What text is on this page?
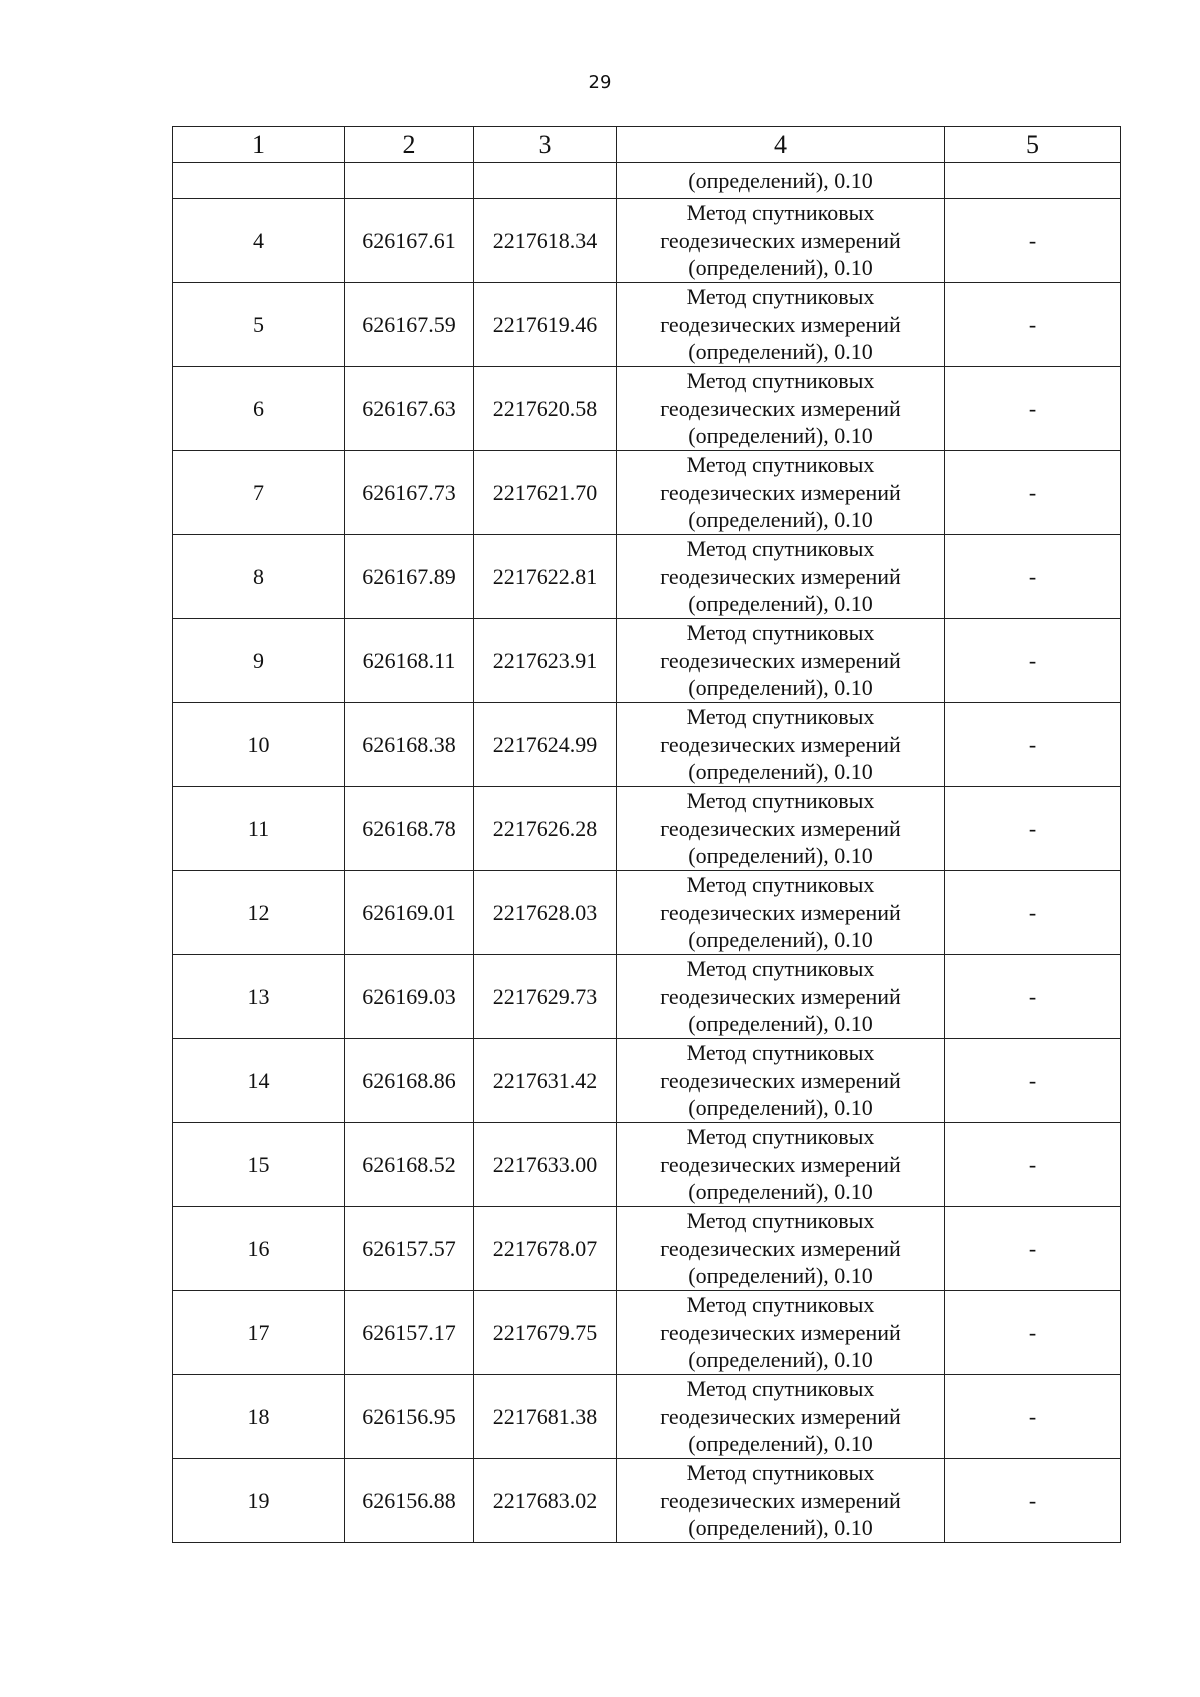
29
1	2	3	4	5
			(определений), 0.10	
4	626167.61	2217618.34	Метод спутниковых
геодезических измерений
(определений), 0.10	-
5	626167.59	2217619.46	Метод спутниковых
геодезических измерений
(определений), 0.10	-
6	626167.63	2217620.58	Метод спутниковых
геодезических измерений
(определений), 0.10	-
7	626167.73	2217621.70	Метод спутниковых
геодезических измерений
(определений), 0.10	-
8	626167.89	2217622.81	Метод спутниковых
геодезических измерений
(определений), 0.10	-
9	626168.11	2217623.91	Метод спутниковых
геодезических измерений
(определений), 0.10	-
10	626168.38	2217624.99	Метод спутниковых
геодезических измерений
(определений), 0.10	-
11	626168.78	2217626.28	Метод спутниковых
геодезических измерений
(определений), 0.10	-
12	626169.01	2217628.03	Метод спутниковых
геодезических измерений
(определений), 0.10	-
13	626169.03	2217629.73	Метод спутниковых
геодезических измерений
(определений), 0.10	-
14	626168.86	2217631.42	Метод спутниковых
геодезических измерений
(определений), 0.10	-
15	626168.52	2217633.00	Метод спутниковых
геодезических измерений
(определений), 0.10	-
16	626157.57	2217678.07	Метод спутниковых
геодезических измерений
(определений), 0.10	-
17	626157.17	2217679.75	Метод спутниковых
геодезических измерений
(определений), 0.10	-
18	626156.95	2217681.38	Метод спутниковых
геодезических измерений
(определений), 0.10	-
19	626156.88	2217683.02	Метод спутниковых
геодезических измерений
(определений), 0.10	-
